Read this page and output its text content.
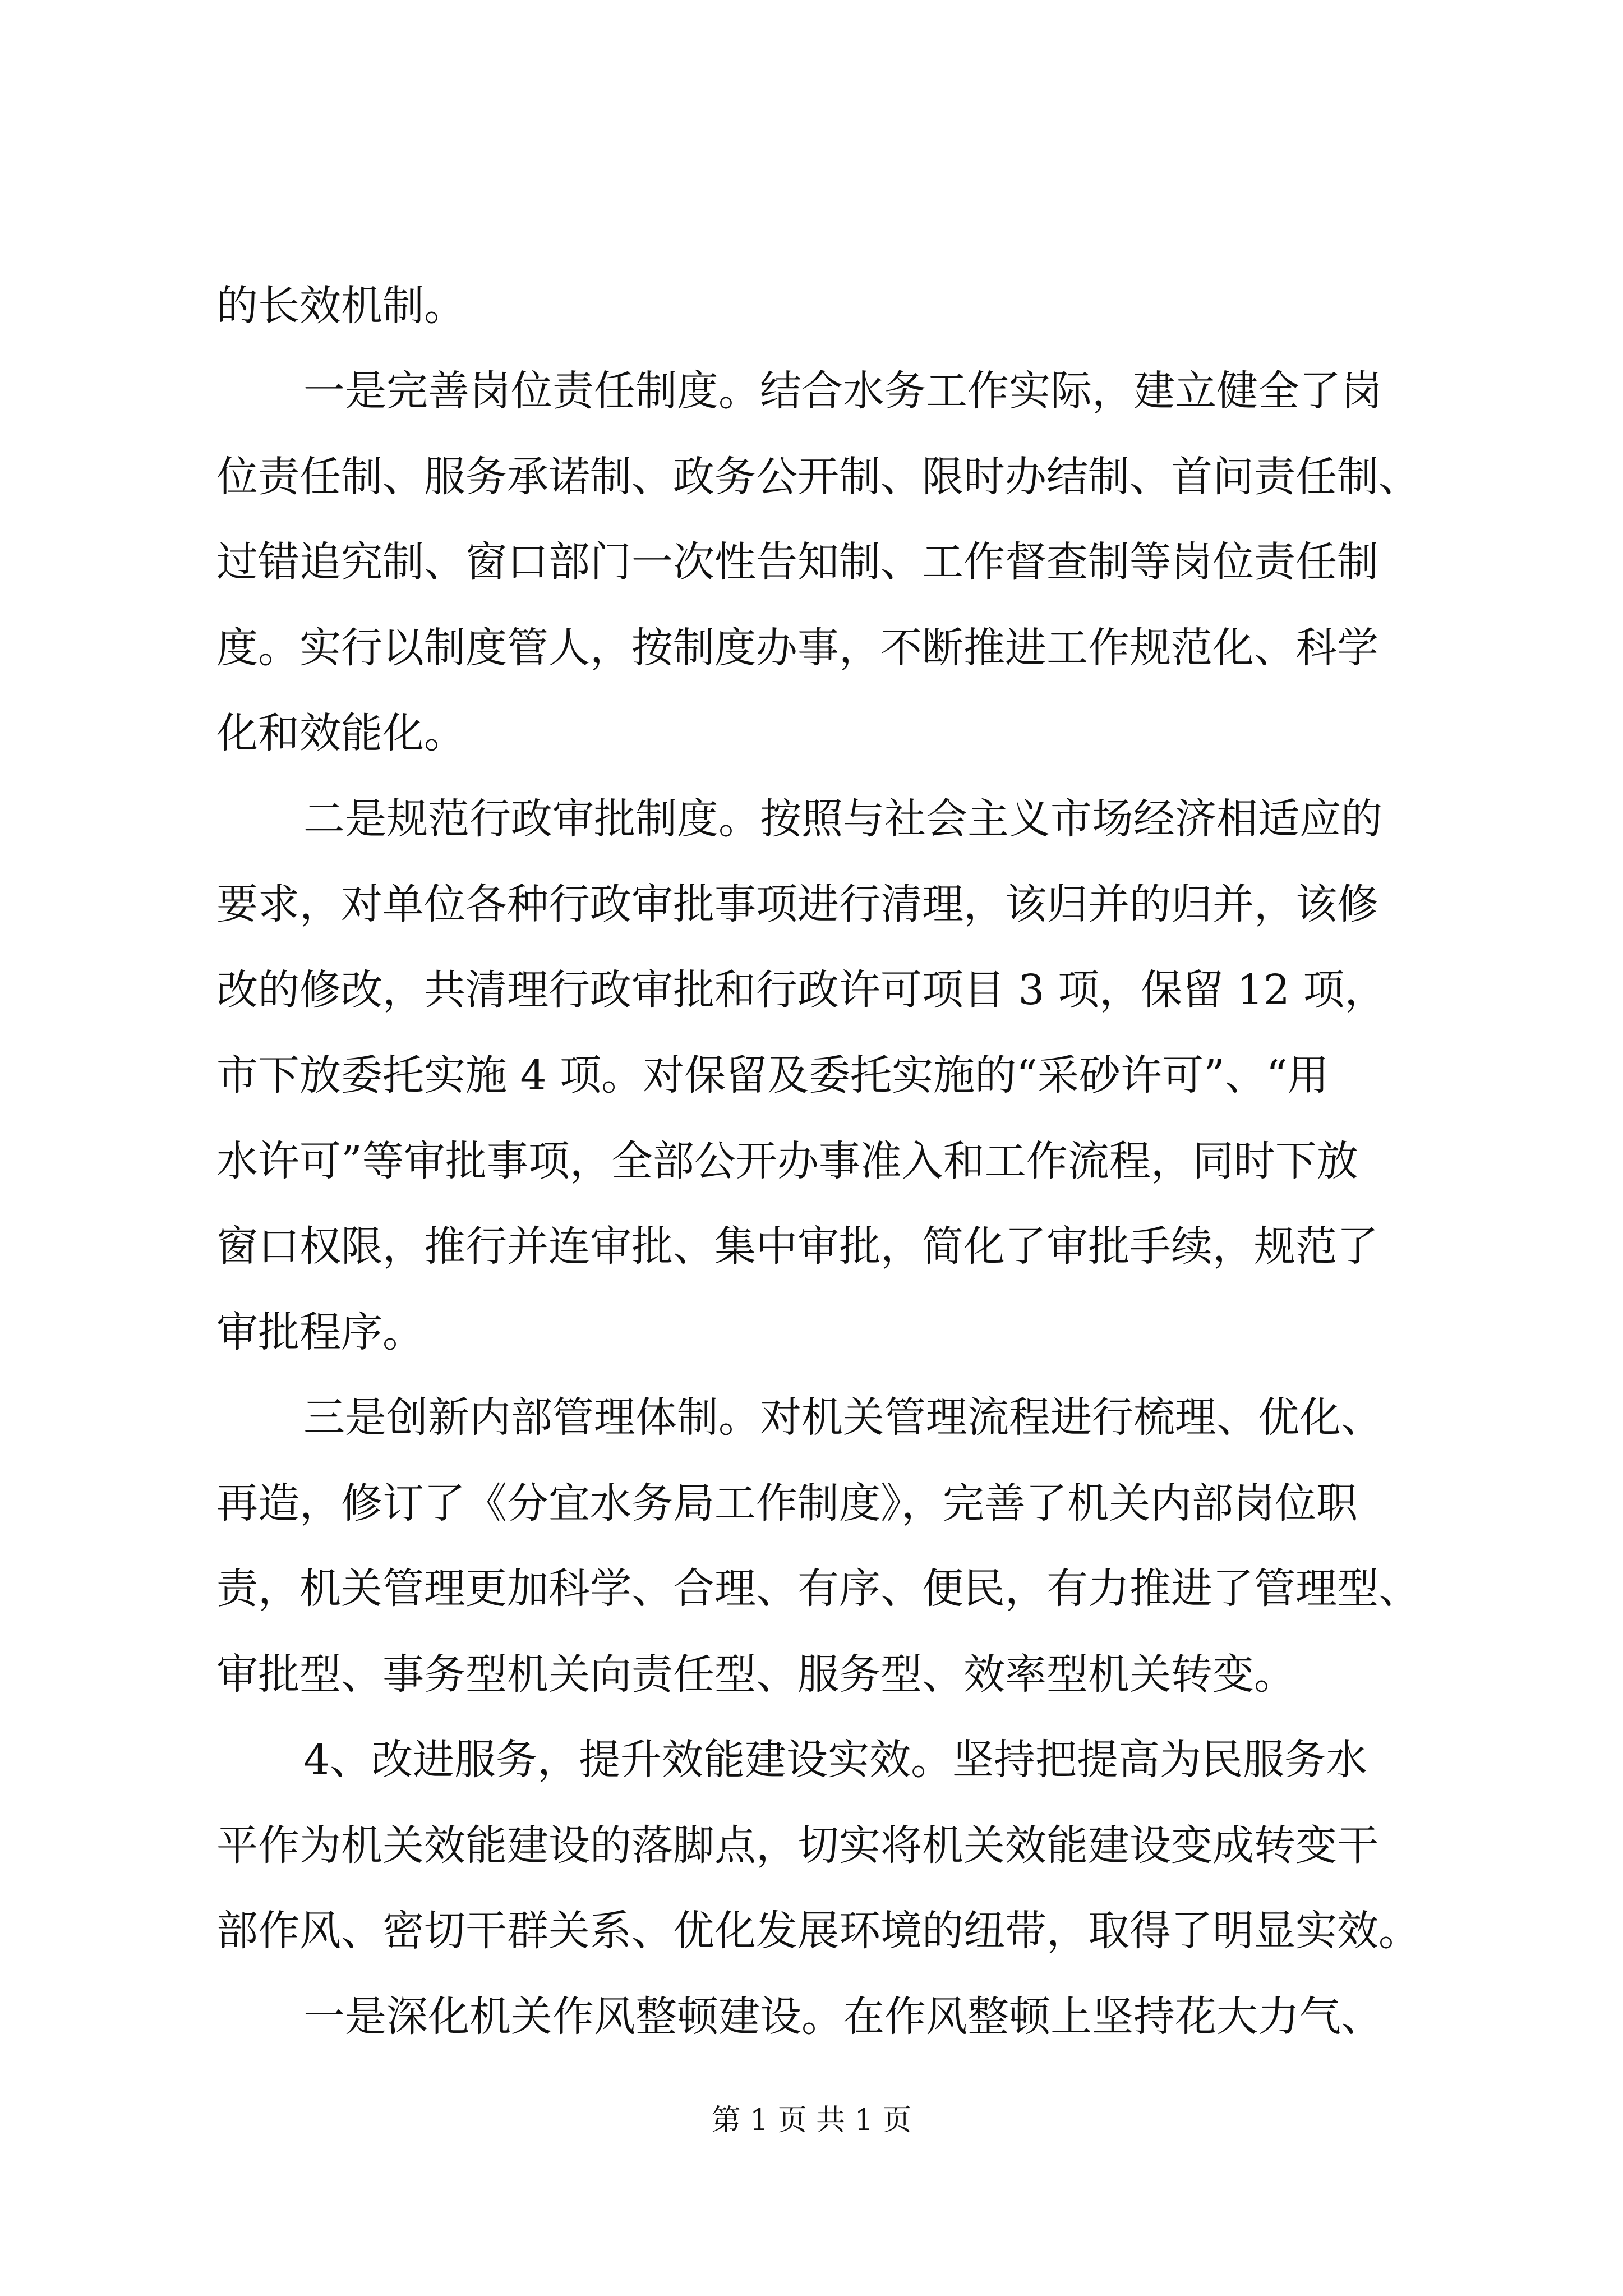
的长效机制。
一是完善岗位责任制度。结合水务工作实际，建立健全了岗
位责任制、服务承诺制、政务公开制、限时办结制、首问责任制、
过错追究制、窗口部门一次性告知制、工作督查制等岗位责任制
度。实行以制度管人，按制度办事，不断推进工作规范化、科学
化和效能化。
二是规范行政审批制度。按照与社会主义市场经济相适应的
要求，对单位各种行政审批事项进行清理，该归并的归并，该修
改的修改，共清理行政审批和行政许可项目 3 项，保留 12 项，
市下放委托实施 4 项。对保留及委托实施的“采砂许可”、“用
水许可”等审批事项，全部公开办事准入和工作流程，同时下放
窗口权限，推行并连审批、集中审批，简化了审批手续，规范了
审批程序。
三是创新内部管理体制。对机关管理流程进行梳理、优化、
再造，修订了《分宜水务局工作制度》，完善了机关内部岗位职
责，机关管理更加科学、合理、有序、便民，有力推进了管理型、
审批型、事务型机关向责任型、服务型、效率型机关转变。
4、改进服务，提升效能建设实效。坚持把提高为民服务水
平作为机关效能建设的落脚点，切实将机关效能建设变成转变干
部作风、密切干群关系、优化发展环境的纽带，取得了明显实效。
一是深化机关作风整顿建设。在作风整顿上坚持花大力气、
第 1 页 共 1 页
